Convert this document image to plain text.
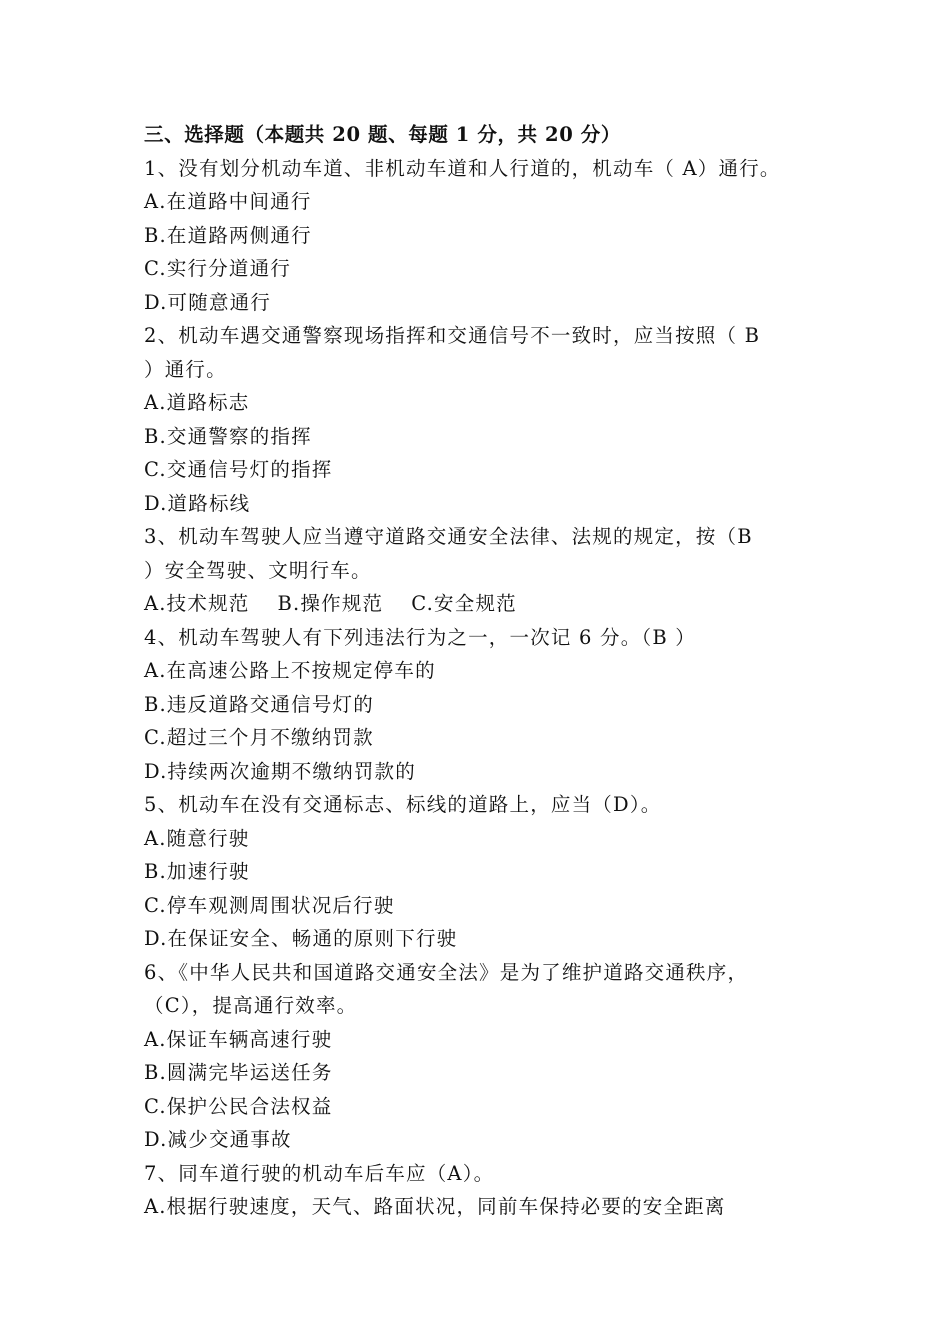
三、选择题（本题共 20 题、每题 1 分，共 20 分）
1、没有划分机动车道、非机动车道和人行道的，机动车（ A）通行。
A.在道路中间通行
B.在道路两侧通行
C.实行分道通行
D.可随意通行
2、机动车遇交通警察现场指挥和交通信号不一致时，应当按照（ B
）通行。
A.道路标志
B.交通警察的指挥
C.交通信号灯的指挥
D.道路标线
3、机动车驾驶人应当遵守道路交通安全法律、法规的规定，按（B
）安全驾驶、文明行车。
A.技术规范 B.操作规范 C.安全规范
4、机动车驾驶人有下列违法行为之一，一次记 6 分。（B ）
A.在高速公路上不按规定停车的
B.违反道路交通信号灯的
C.超过三个月不缴纳罚款
D.持续两次逾期不缴纳罚款的
5、机动车在没有交通标志、标线的道路上，应当（D）。
A.随意行驶
B.加速行驶
C.停车观测周围状况后行驶
D.在保证安全、畅通的原则下行驶
6、《中华人民共和国道路交通安全法》是为了维护道路交通秩序，
（C），提高通行效率。
A.保证车辆高速行驶
B.圆满完毕运送任务
C.保护公民合法权益
D.减少交通事故
7、同车道行驶的机动车后车应（A）。
A.根据行驶速度，天气、路面状况，同前车保持必要的安全距离
